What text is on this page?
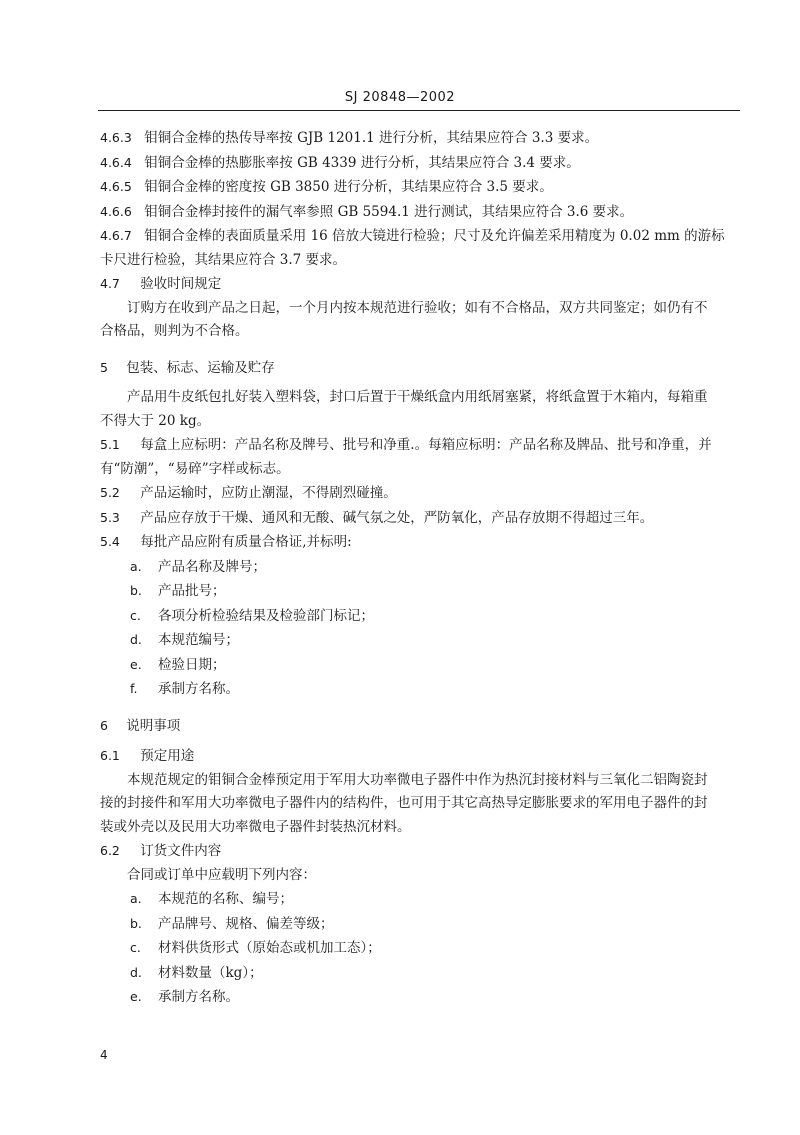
SJ 20848—2002
4.6.3 钼铜合金棒的热传导率按 GJB 1201.1 进行分析，其结果应符合 3.3 要求。
4.6.4 钼铜合金棒的热膨胀率按 GB 4339 进行分析，其结果应符合 3.4 要求。
4.6.5 钼铜合金棒的密度按 GB 3850 进行分析，其结果应符合 3.5 要求。
4.6.6 钼铜合金棒封接件的漏气率参照 GB 5594.1 进行测试，其结果应符合 3.6 要求。
4.6.7 钼铜合金棒的表面质量采用 16 倍放大镜进行检验；尺寸及允许偏差采用精度为 0.02 mm 的游标
卡尺进行检验，其结果应符合 3.7 要求。
4.7 验收时间规定
订购方在收到产品之日起，一个月内按本规范进行验收；如有不合格品，双方共同鉴定；如仍有不
合格品，则判为不合格。
5 包装、标志、运输及贮存
产品用牛皮纸包扎好装入塑料袋，封口后置于干燥纸盒内用纸屑塞紧，将纸盒置于木箱内，每箱重
不得大于 20 kg。
5.1 每盒上应标明：产品名称及牌号、批号和净重.。每箱应标明：产品名称及牌品、批号和净重，并
有“防潮”，“易碎”字样或标志。
5.2 产品运输时，应防止潮湿，不得剧烈碰撞。
5.3 产品应存放于干燥、通风和无酸、碱气氛之处，严防氧化，产品存放期不得超过三年。
5.4 每批产品应附有质量合格证,并标明:
a. 产品名称及牌号；
b. 产品批号；
c. 各项分析检验结果及检验部门标记；
d. 本规范编号；
e. 检验日期；
f. 承制方名称。
6 说明事项
6.1 预定用途
本规范规定的钼铜合金棒预定用于军用大功率微电子器件中作为热沉封接材料与三氧化二铝陶瓷封
接的封接件和军用大功率微电子器件内的结构件，也可用于其它高热导定膨胀要求的军用电子器件的封
装或外壳以及民用大功率微电子器件封装热沉材料。
6.2 订货文件内容
合同或订单中应载明下列内容：
a. 本规范的名称、编号；
b. 产品牌号、规格、偏差等级；
c. 材料供货形式（原始态或机加工态）；
d. 材料数量（kg）；
e. 承制方名称。
4
